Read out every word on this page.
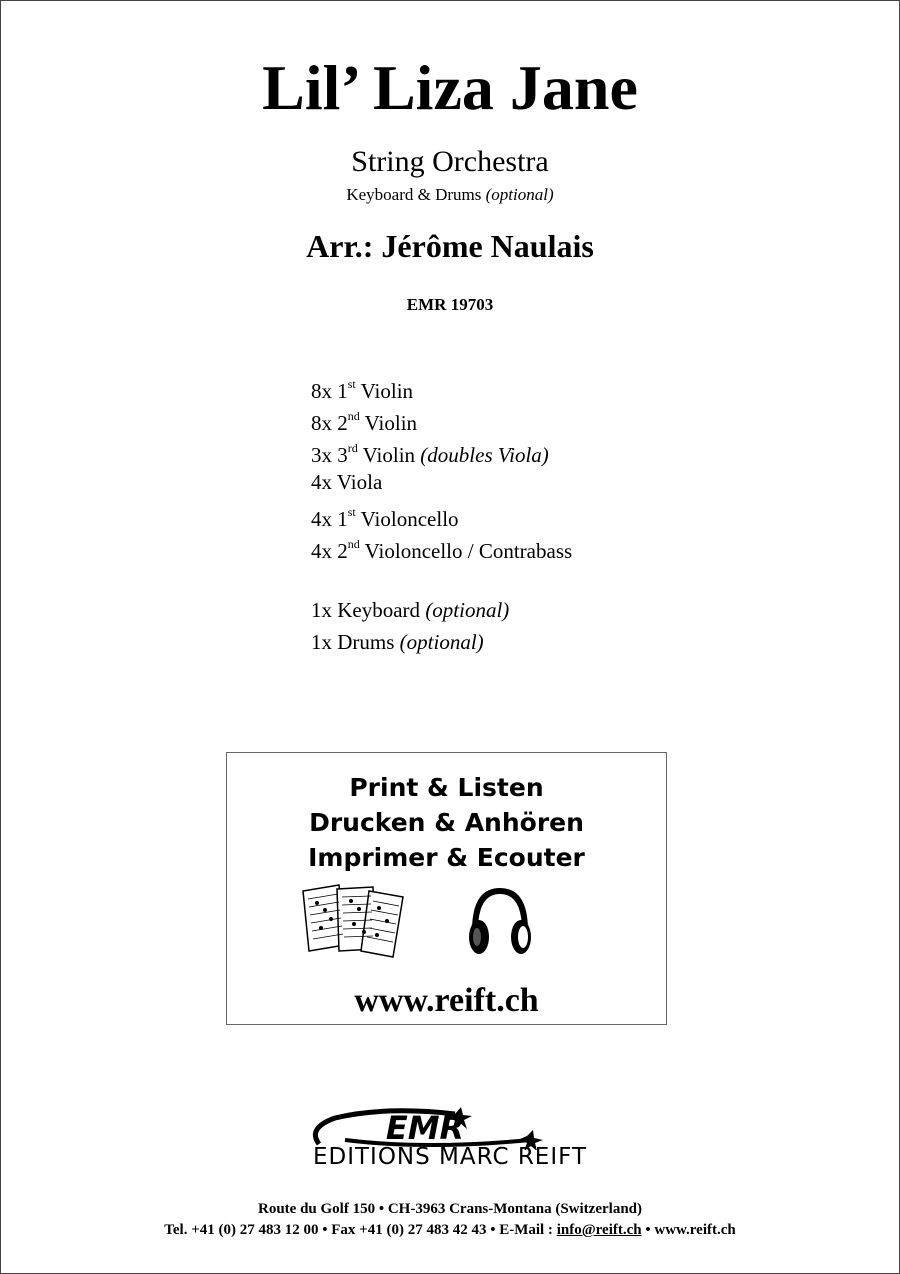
Lil’ Liza Jane
String Orchestra
Keyboard & Drums (optional)
Arr.: Jérôme Naulais
EMR 19703
8x 1st Violin
8x 2nd Violin
3x 3rd Violin (doubles Viola)
4x Viola
4x 1st Violoncello
4x 2nd Violoncello / Contrabass
1x Keyboard (optional)
1x Drums (optional)
Print & Listen
Drucken & Anhören
Imprimer & Ecouter
www.reift.ch
EMR
EDITIONS MARC REIFT
Route du Golf 150 • CH-3963 Crans-Montana (Switzerland)
Tel. +41 (0) 27 483 12 00 • Fax +41 (0) 27 483 42 43 • E-Mail : info@reift.ch • www.reift.ch
